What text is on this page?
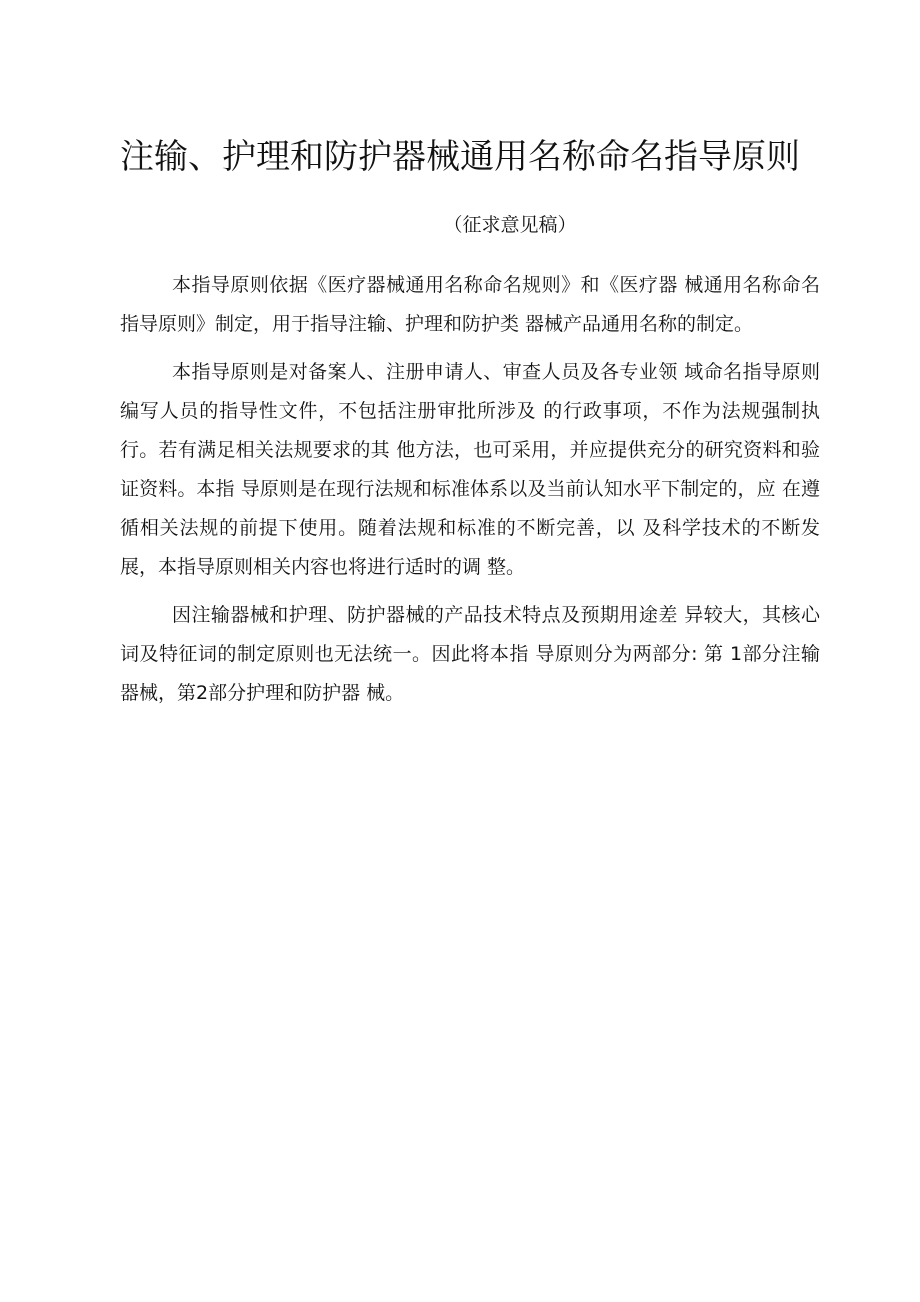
注输、护理和防护器械通用名称命名指导原则
（征求意见稿）

本指导原则依据《医疗器械通用名称命名规则》和《医疗器 械通用名称命名指导原则》制定，用于指导注输、护理和防护类 器械产品通用名称的制定。

本指导原则是对备案人、注册申请人、审查人员及各专业领 域命名指导原则编写人员的指导性文件，不包括注册审批所涉及 的行政事项，不作为法规强制执行。若有满足相关法规要求的其 他方法，也可采用，并应提供充分的研究资料和验证资料。本指 导原则是在现行法规和标准体系以及当前认知水平下制定的，应 在遵循相关法规的前提下使用。随着法规和标准的不断完善，以 及科学技术的不断发展，本指导原则相关内容也将进行适时的调 整。

因注输器械和护理、防护器械的产品技术特点及预期用途差 异较大，其核心词及特征词的制定原则也无法统一。因此将本指 导原则分为两部分: 第 1部分注输器械，第2部分护理和防护器 械。
